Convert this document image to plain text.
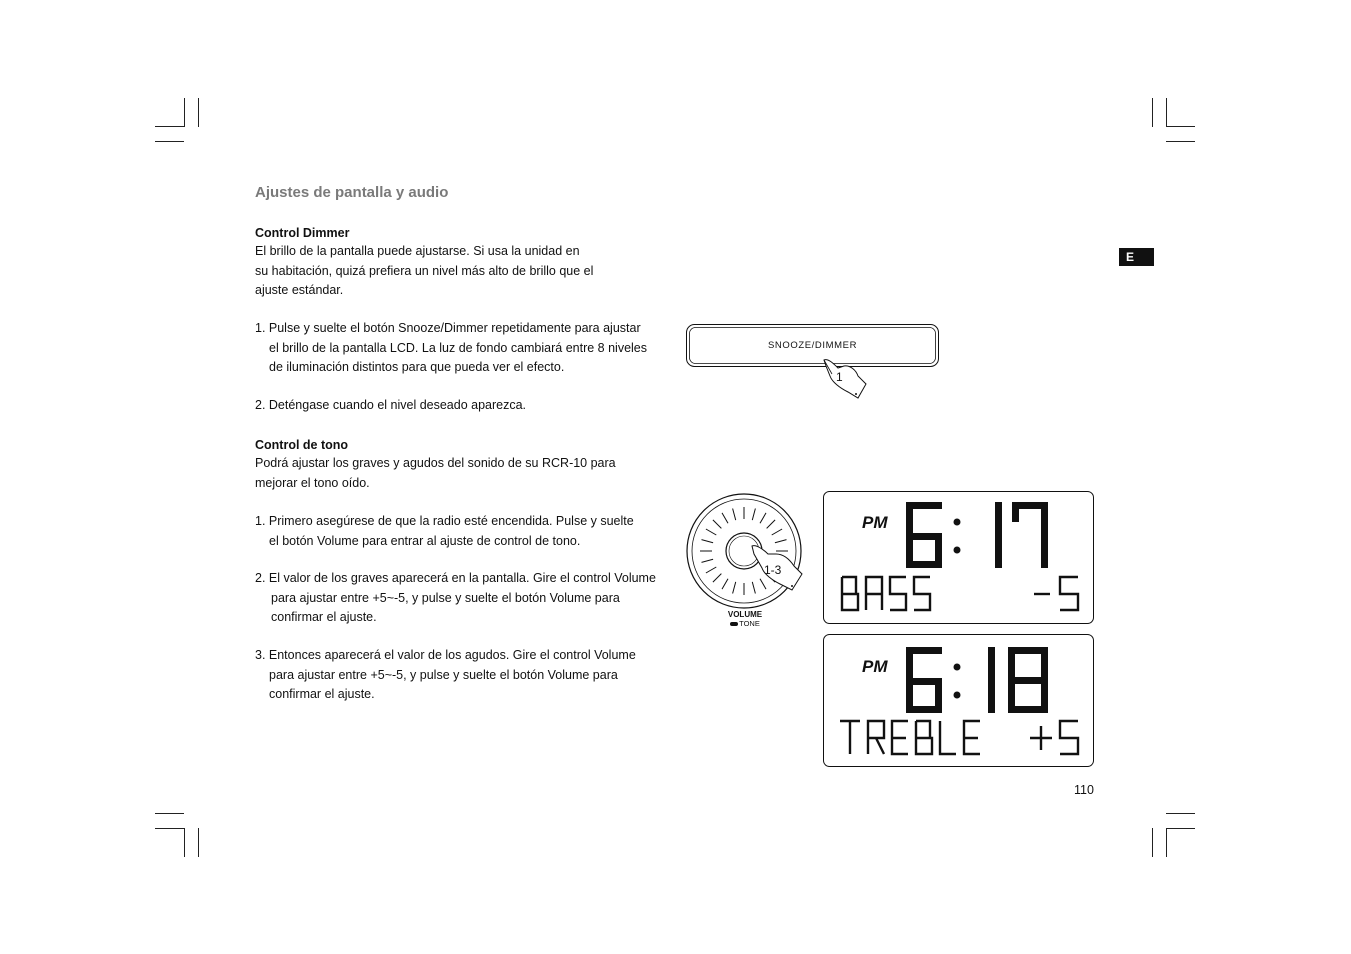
Ajustes de pantalla y audio
E
Control Dimmer
El brillo de la pantalla puede ajustarse. Si usa la unidad en
su habitación, quizá prefiera un nivel más alto de brillo que el
ajuste estándar.
1. Pulse y suelte el botón Snooze/Dimmer repetidamente para ajustar
el brillo de la pantalla LCD. La luz de fondo cambiará entre 8 niveles
de iluminación distintos para que pueda ver el efecto.
2. Deténgase cuando el nivel deseado aparezca.
Control de tono
Podrá ajustar los graves y agudos del sonido de su RCR-10 para
mejorar el tono oído.
1. Primero asegúrese de que la radio esté encendida. Pulse y suelte
el botón Volume para entrar al ajuste de control de tono.
2. El valor de los graves aparecerá en la pantalla. Gire el control Volume
para ajustar entre +5~-5, y pulse y suelte el botón Volume para
confirmar el ajuste.
3. Entonces aparecerá el valor de los agudos. Gire el control Volume
para ajustar entre +5~-5, y pulse y suelte el botón Volume para
confirmar el ajuste.
SNOOZE/DIMMER
1
1-3
VOLUME
TONE
PM
PM
110
